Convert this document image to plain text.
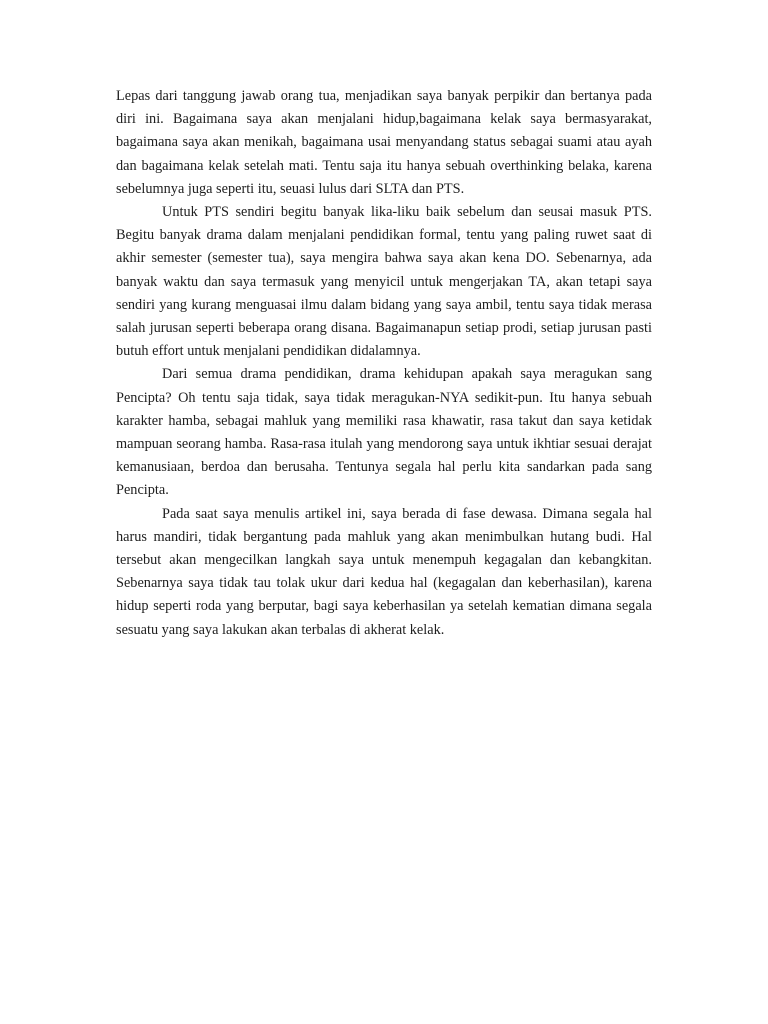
Lepas dari tanggung jawab orang tua, menjadikan saya banyak perpikir dan bertanya pada diri ini. Bagaimana saya akan menjalani hidup,bagaimana kelak saya bermasyarakat, bagaimana saya akan menikah, bagaimana usai menyandang status sebagai suami atau ayah dan bagaimana kelak setelah mati. Tentu saja itu hanya sebuah overthinking belaka, karena sebelumnya juga seperti itu, seuasi lulus dari SLTA dan PTS.

Untuk PTS sendiri begitu banyak lika-liku baik sebelum dan seusai masuk PTS. Begitu banyak drama dalam menjalani pendidikan formal, tentu yang paling ruwet saat di akhir semester (semester tua), saya mengira bahwa saya akan kena DO. Sebenarnya, ada banyak waktu dan saya termasuk yang menyicil untuk mengerjakan TA, akan tetapi saya sendiri yang kurang menguasai ilmu dalam bidang yang saya ambil, tentu saya tidak merasa salah jurusan seperti beberapa orang disana. Bagaimanapun setiap prodi, setiap jurusan pasti butuh effort untuk menjalani pendidikan didalamnya.

Dari semua drama pendidikan, drama kehidupan apakah saya meragukan sang Pencipta? Oh tentu saja tidak, saya tidak meragukan-NYA sedikit-pun. Itu hanya sebuah karakter hamba, sebagai mahluk yang memiliki rasa khawatir, rasa takut dan saya ketidak mampuan seorang hamba. Rasa-rasa itulah yang mendorong saya untuk ikhtiar sesuai derajat kemanusiaan, berdoa dan berusaha. Tentunya segala hal perlu kita sandarkan pada sang Pencipta.

Pada saat saya menulis artikel ini, saya berada di fase dewasa. Dimana segala hal harus mandiri, tidak bergantung pada mahluk yang akan menimbulkan hutang budi. Hal tersebut akan mengecilkan langkah saya untuk menempuh kegagalan dan kebangkitan. Sebenarnya saya tidak tau tolak ukur dari kedua hal (kegagalan dan keberhasilan), karena hidup seperti roda yang berputar, bagi saya keberhasilan ya setelah kematian dimana segala sesuatu yang saya lakukan akan terbalas di akherat kelak.
